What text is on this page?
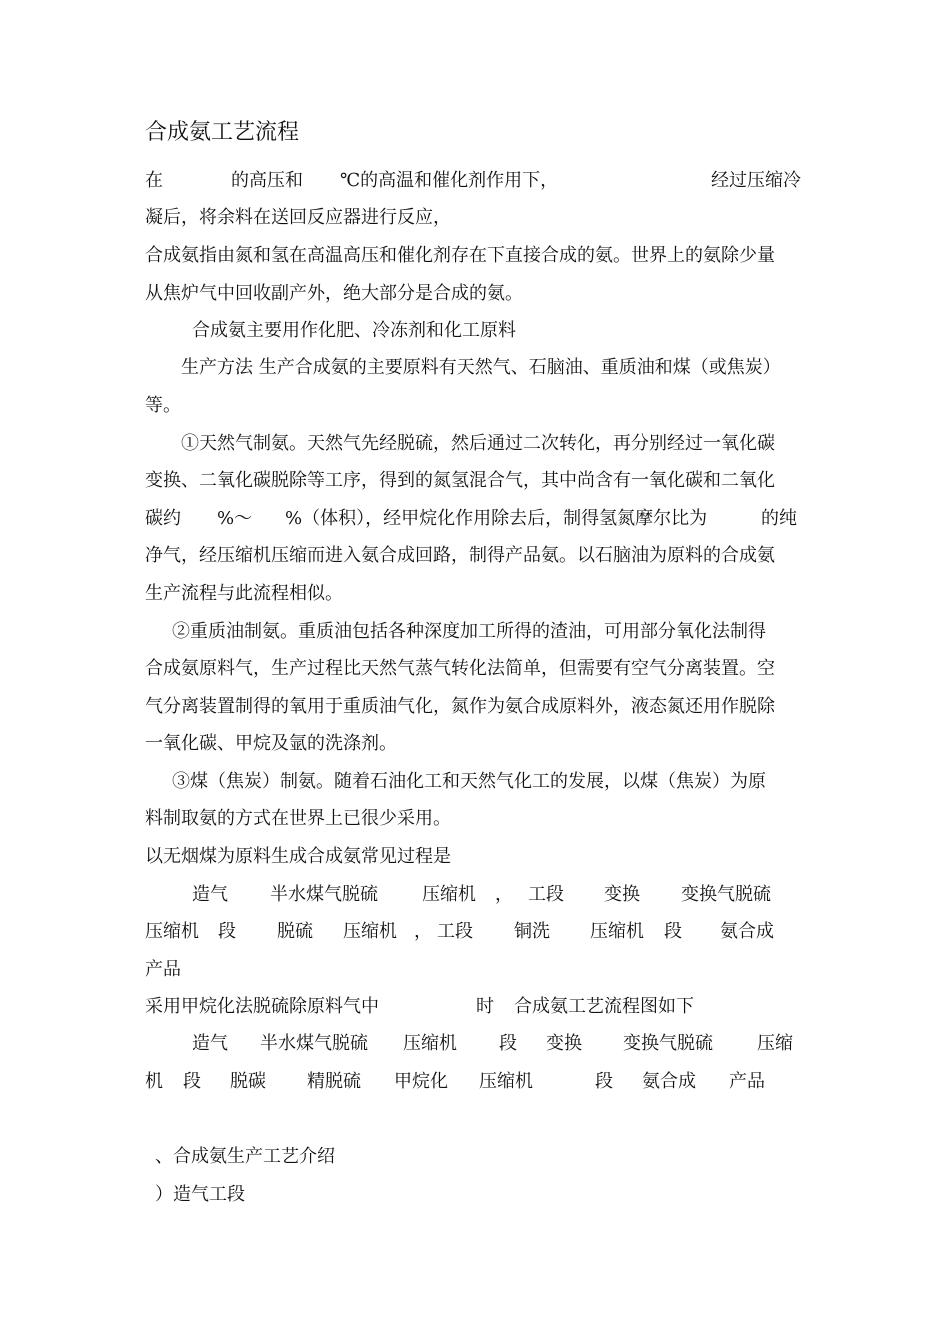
合成氨工艺流程
在	的高压和 ℃的高温和催化剂作用下，	经过压缩冷
凝后，将余料在送回反应器进行反应，
合成氨指由氮和氢在高温高压和催化剂存在下直接合成的氨。世界上的氨除少量
从焦炉气中回收副产外，绝大部分是合成的氨。
合成氨主要用作化肥、冷冻剂和化工原料
生产方法 生产合成氨的主要原料有天然气、石脑油、重质油和煤（或焦炭）
等。
①天然气制氨。天然气先经脱硫，然后通过二次转化，再分别经过一氧化碳
变换、二氧化碳脱除等工序，得到的氮氢混合气，其中尚含有一氧化碳和二氧化
碳约 %～ %（体积），经甲烷化作用除去后，制得氢氮摩尔比为	的纯
净气，经压缩机压缩而进入氨合成回路，制得产品氨。以石脑油为原料的合成氨
生产流程与此流程相似。
②重质油制氨。重质油包括各种深度加工所得的渣油，可用部分氧化法制得
合成氨原料气，生产过程比天然气蒸气转化法简单，但需要有空气分离装置。空
气分离装置制得的氧用于重质油气化，氮作为氨合成原料外，液态氮还用作脱除
一氧化碳、甲烷及氩的洗涤剂。
③煤（焦炭）制氨。随着石油化工和天然气化工的发展，以煤（焦炭）为原
料制取氨的方式在世界上已很少采用。
以无烟煤为原料生成合成氨常见过程是
造气 半水煤气脱硫 压缩机 ， 工段 变换 变换气脱硫
压缩机 段 脱硫 压缩机 ， 工段 铜洗 压缩机 段 氨合成
产品
采用甲烷化法脱硫除原料气中	时 合成氨工艺流程图如下
造气 半水煤气脱硫 压缩机 段 变换 变换气脱硫 压缩
机 段 脱碳 精脱硫 甲烷化 压缩机	段 氨合成 产品
、合成氨生产工艺介绍
）造气工段
